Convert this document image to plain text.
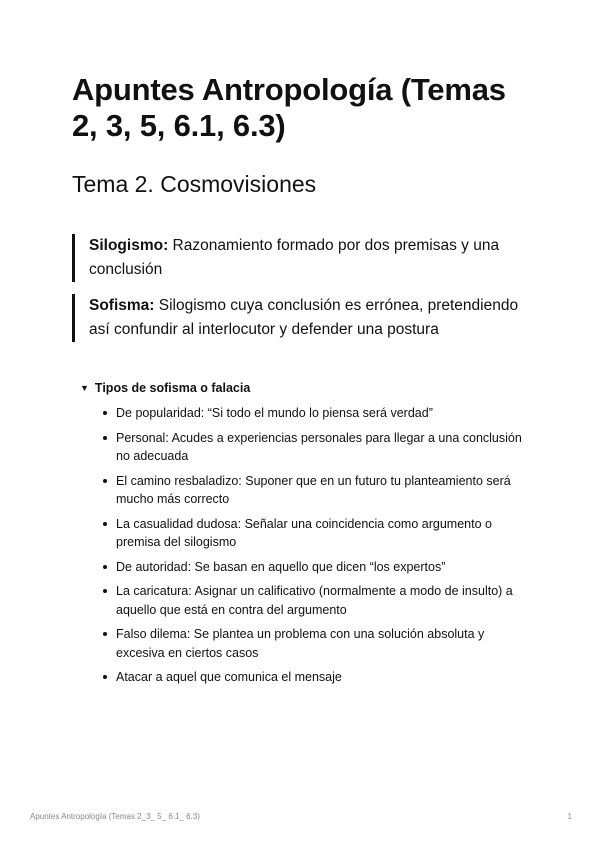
Apuntes Antropología (Temas 2, 3, 5, 6.1, 6.3)
Tema 2. Cosmovisiones
Silogismo: Razonamiento formado por dos premisas y una conclusión
Sofisma: Silogismo cuya conclusión es errónea, pretendiendo así confundir al interlocutor y defender una postura
▼ Tipos de sofisma o falacia
De popularidad: “Si todo el mundo lo piensa será verdad”
Personal: Acudes a experiencias personales para llegar a una conclusión no adecuada
El camino resbaladizo: Suponer que en un futuro tu planteamiento será mucho más correcto
La casualidad dudosa: Señalar una coincidencia como argumento o premisa del silogismo
De autoridad: Se basan en aquello que dicen “los expertos”
La caricatura: Asignar un calificativo (normalmente a modo de insulto) a aquello que está en contra del argumento
Falso dilema: Se plantea un problema con una solución absoluta y excesiva en ciertos casos
Atacar a aquel que comunica el mensaje
Apuntes Antropología (Temas 2_3_ 5_ 6.1_ 6.3)	1
